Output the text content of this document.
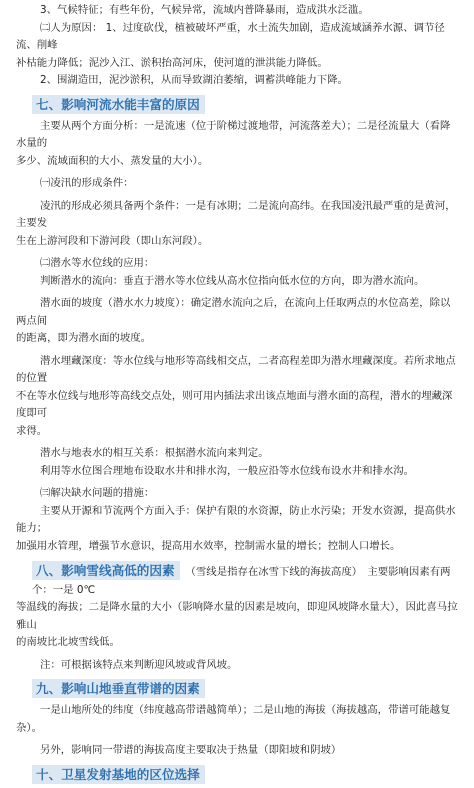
3、气候特征；有些年份，气候异常，流域内普降暴雨，造成洪水泛滥。
㈡人为原因： 1、过度砍伐，植被破坏严重，水土流失加剧，造成流域涵养水源、调节径流、削峰
补枯能力降低；泥沙入江、淤积抬高河床，使河道的泄洪能力降低。
2、围湖造田，泥沙淤积，从而导致湖泊萎缩，调蓄洪峰能力下降。
七、影响河流水能丰富的原因
主要从两个方面分析：一是流速（位于阶梯过渡地带，河流落差大）；二是径流量大（看降水量的
多少、流域面积的大小、蒸发量的大小）。
㈠凌汛的形成条件：
凌汛的形成必须具备两个条件：一是有冰期；二是流向高纬。在我国凌汛最严重的是黄河，主要发
生在上游河段和下游河段（即山东河段）。
㈡潜水等水位线的应用：
判断潜水的流向：垂直于潜水等水位线从高水位指向低水位的方向，即为潜水流向。
潜水面的坡度（潜水水力坡度）：确定潜水流向之后，在流向上任取两点的水位高差，除以两点间
的距离，即为潜水面的坡度。
潜水埋藏深度：等水位线与地形等高线相交点，二者高程差即为潜水埋藏深度。若所求地点的位置
不在等水位线与地形等高线交点处，则可用内插法求出该点地面与潜水面的高程，潜水的埋藏深度即可
求得。
潜水与地表水的相互关系：根据潜水流向来判定。
利用等水位图合理地布设取水井和排水沟，一般应沿等水位线布设水井和排水沟。
㈢解决缺水问题的措施：
主要从开源和节流两个方面入手：保护有限的水资源，防止水污染；开发水资源，提高供水能力；
加强用水管理，增强节水意识，提高用水效率，控制需水量的增长；控制人口增长。
八、影响雪线高低的因素 （雪线是指存在冰雪下线的海拔高度）　主要影响因素有两个：一是 0℃
等温线的海拔；二是降水量的大小（影响降水量的因素是坡向，即迎风坡降水量大），因此喜马拉雅山
的南坡比北坡雪线低。
注：可根据该特点来判断迎风坡或背风坡。
九、影响山地垂直带谱的因素
一是山地所处的纬度（纬度越高带谱越简单）；二是山地的海拔（海拔越高，带谱可能越复杂）。
另外，影响同一带谱的海拔高度主要取决于热量（即阳坡和阴坡）
十、卫星发射基地的区位选择
